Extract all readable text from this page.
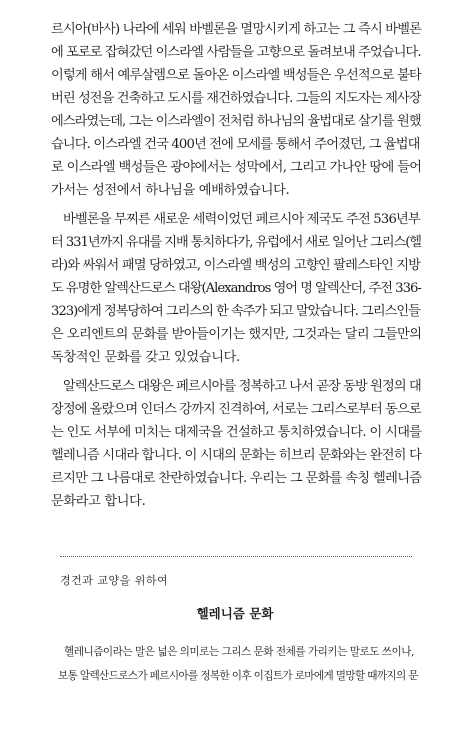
르시아(바사) 나라에 세워 바벨론을 멸망시키게 하고는 그 즉시 바벨론

에 포로로 잡혀갔던 이스라엘 사람들을 고향으로 돌려보내 주었습니다.

이렇게 해서 예루살렘으로 돌아온 이스라엘 백성들은 우선적으로 불타

버린 성전을 건축하고 도시를 재건하였습니다. 그들의 지도자는 제사장

에스라였는데, 그는 이스라엘이 전처럼 하나님의 율법대로 살기를 원했

습니다. 이스라엘 건국 400년 전에 모세를 통해서 주어졌던, 그 율법대

로 이스라엘 백성들은 광야에서는 성막에서, 그리고 가나안 땅에 들어

가서는 성전에서 하나님을 예배하였습니다.

바벨론을 무찌른 새로운 세력이었던 페르시아 제국도 주전 536년부

터 331년까지 유대를 지배 통치하다가, 유럽에서 새로 일어난 그리스(헬

라)와 싸워서 패멸 당하였고, 이스라엘 백성의 고향인 팔레스타인 지방

도 유명한 알렉산드로스 대왕(Alexandros 영어 명 알렉산더, 주전 336-

323)에게 정복당하여 그리스의 한 속주가 되고 말았습니다. 그리스인들

은 오리엔트의 문화를 받아들이기는 했지만, 그것과는 달리 그들만의

독창적인 문화를 갖고 있었습니다.

알렉산드로스 대왕은 페르시아를 정복하고 나서 곧장 동방 원정의 대

장정에 올랐으며 인더스 강까지 진격하여, 서로는 그리스로부터 동으로

는 인도 서부에 미치는 대제국을 건설하고 통치하였습니다. 이 시대를

헬레니즘 시대라 합니다. 이 시대의 문화는 히브리 문화와는 완전히 다

르지만 그 나름대로 찬란하였습니다. 우리는 그 문화를 속칭 헬레니즘

문화라고 합니다.

경건과 교양을 위하여
헬레니즘 문화

헬레니즘이라는 말은 넓은 의미로는 그리스 문화 전체를 가리키는 말로도 쓰이나,

보통 알렉산드로스가 페르시아를 정복한 이후 이집트가 로마에게 멸망할 때까지의 문
